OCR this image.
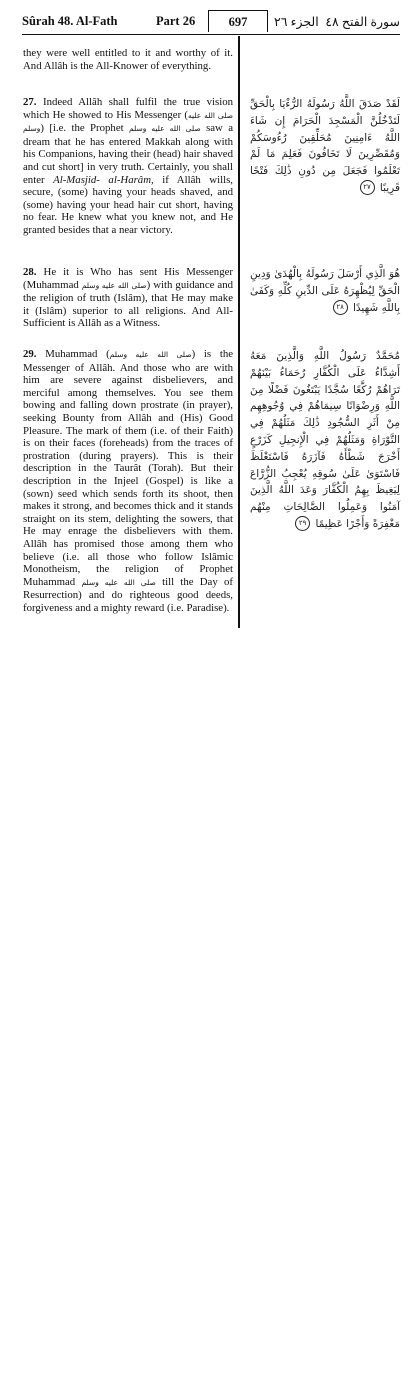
Sûrah 48. Al-Fath	Part 26	697	الجزء ٢٦ سورة الفتح ٤٨

they were well entitled to it and worthy of it. And Allâh is the All-Knower of everything.

27. Indeed Allâh shall fulfil the true vision which He showed to His Messenger (صلى الله عليه وسلم) [i.e. the Prophet صلى الله عليه وسلم saw a dream that he has entered Makkah along with his Companions, having their (head) hair shaved and cut short] in very truth. Certainly, you shall enter Al-Masjid- al-Harâm, if Allâh wills, secure, (some) having your heads shaved, and (some) having your head hair cut short, having no fear. He knew what you knew not, and He granted besides that a near victory.

28. He it is Who has sent His Messenger (Muhammad صلى الله عليه وسلم) with guidance and the religion of truth (Islâm), that He may make it (Islâm) superior to all religions. And All-Sufficient is Allâh as a Witness.

29. Muhammad (صلى الله عليه وسلم) is the Messenger of Allâh. And those who are with him are severe against disbelievers, and merciful among themselves. You see them bowing and falling down prostrate (in prayer), seeking Bounty from Allâh and (His) Good Pleasure. The mark of them (i.e. of their Faith) is on their faces (foreheads) from the traces of prostration (during prayers). This is their description in the Taurât (Torah). But their description in the Injeel (Gospel) is like a (sown) seed which sends forth its shoot, then makes it strong, and becomes thick and it stands straight on its stem, delighting the sowers, that He may enrage the disbelievers with them. Allâh has promised those among them who believe (i.e. all those who follow Islâmic Monotheism, the religion of Prophet Muhammad صلى الله عليه وسلم till the Day of Resurrection) and do righteous good deeds, forgiveness and a mighty reward (i.e. Paradise).

لَقَدْ صَدَقَ اللَّهُ رَسُولَهُ الرُّءْيَا بِالْحَقِّ لَتَدْخُلُنَّ الْمَسْجِدَ الْحَرَامَ إِن شَاءَ اللَّهُ ءَامِنِينَ مُحَلِّقِينَ رُءُوسَكُمْ وَمُقَصِّرِينَ لَا تَخَافُونَ فَعَلِمَ مَا لَمْ تَعْلَمُوا فَجَعَلَ مِن دُونِ ذَٰلِكَ فَتْحًا قَرِيبًا ٢٧

هُوَ الَّذِي أَرْسَلَ رَسُولَهُ بِالْهُدَىٰ وَدِينِ الْحَقِّ لِيُظْهِرَهُ عَلَى الدِّينِ كُلِّهِ وَكَفَىٰ بِاللَّهِ شَهِيدًا ٢٨

مُحَمَّدٌ رَسُولُ اللَّهِ وَالَّذِينَ مَعَهُ أَشِدَّاءُ عَلَى الْكُفَّارِ رُحَمَاءُ بَيْنَهُمْ تَرَاهُمْ رُكَّعًا سُجَّدًا يَبْتَغُونَ فَضْلًا مِنَ اللَّهِ وَرِضْوَانًا سِيمَاهُمْ فِي وُجُوهِهِم مِنْ أَثَرِ السُّجُودِ ذَٰلِكَ مَثَلُهُمْ فِي التَّوْرَاةِ وَمَثَلُهُمْ فِي الْإِنجِيلِ كَزَرْعٍ أَخْرَجَ شَطْأَهُ فَآزَرَهُ فَاسْتَغْلَظَ فَاسْتَوَىٰ عَلَىٰ سُوقِهِ يُعْجِبُ الزُّرَّاعَ لِيَغِيظَ بِهِمُ الْكُفَّارَ وَعَدَ اللَّهُ الَّذِينَ آمَنُوا وَعَمِلُوا الصَّالِحَاتِ مِنْهُم مَغْفِرَةً وَأَجْرًا عَظِيمًا ٢٩
